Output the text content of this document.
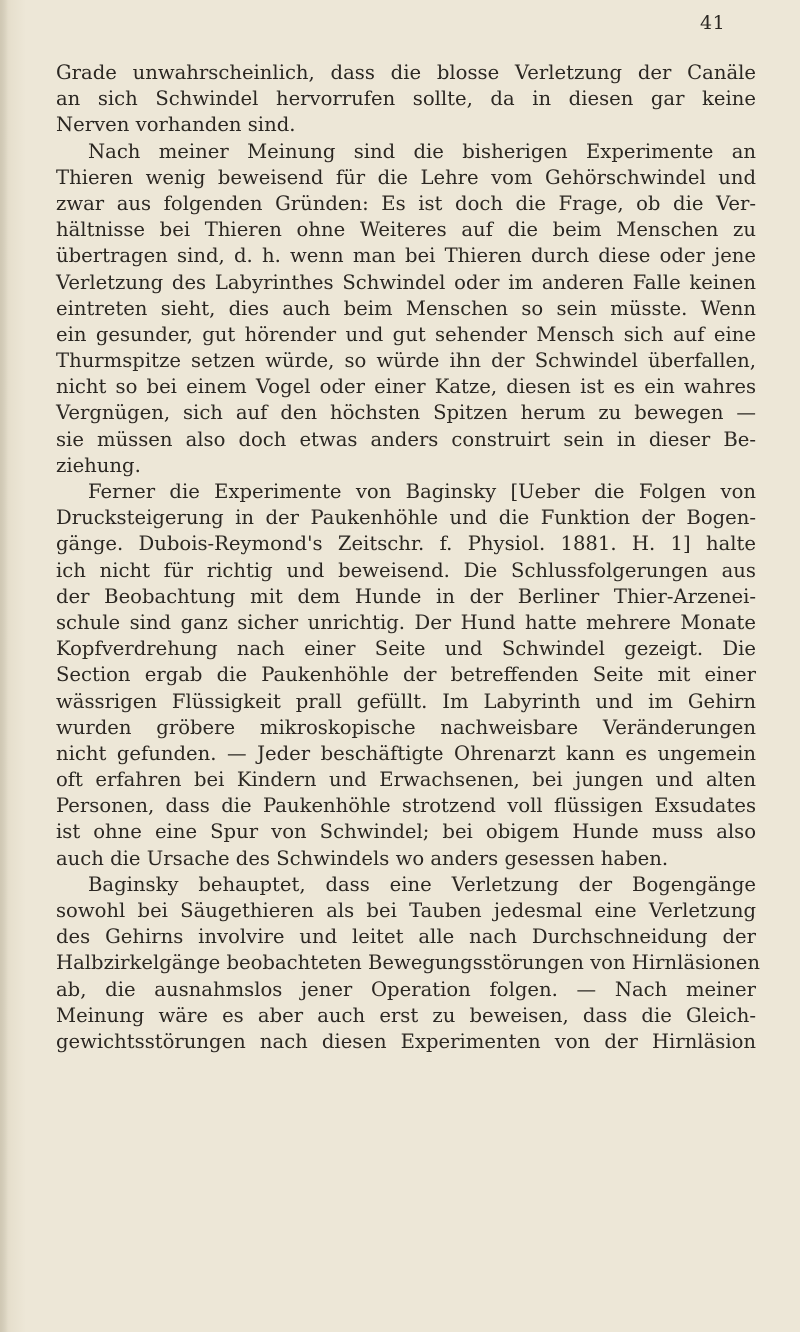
41
Grade unwahrscheinlich, dass die blosse Verletzung der Canäle
an sich Schwindel hervorrufen sollte, da in diesen gar keine
Nerven vorhanden sind.
Nach meiner Meinung sind die bisherigen Experimente an
Thieren wenig beweisend für die Lehre vom Gehörschwindel und
zwar aus folgenden Gründen: Es ist doch die Frage, ob die Ver-
hältnisse bei Thieren ohne Weiteres auf die beim Menschen zu
übertragen sind, d. h. wenn man bei Thieren durch diese oder jene
Verletzung des Labyrinthes Schwindel oder im anderen Falle keinen
eintreten sieht, dies auch beim Menschen so sein müsste. Wenn
ein gesunder, gut hörender und gut sehender Mensch sich auf eine
Thurmspitze setzen würde, so würde ihn der Schwindel überfallen,
nicht so bei einem Vogel oder einer Katze, diesen ist es ein wahres
Vergnügen, sich auf den höchsten Spitzen herum zu bewegen —
sie müssen also doch etwas anders construirt sein in dieser Be-
ziehung.
Ferner die Experimente von Baginsky [Ueber die Folgen von
Drucksteigerung in der Paukenhöhle und die Funktion der Bogen-
gänge. Dubois-Reymond's Zeitschr. f. Physiol. 1881. H. 1] halte
ich nicht für richtig und beweisend. Die Schlussfolgerungen aus
der Beobachtung mit dem Hunde in der Berliner Thier-Arzenei-
schule sind ganz sicher unrichtig. Der Hund hatte mehrere Monate
Kopfverdrehung nach einer Seite und Schwindel gezeigt. Die
Section ergab die Paukenhöhle der betreffenden Seite mit einer
wässrigen Flüssigkeit prall gefüllt. Im Labyrinth und im Gehirn
wurden gröbere mikroskopische nachweisbare Veränderungen
nicht gefunden. — Jeder beschäftigte Ohrenarzt kann es ungemein
oft erfahren bei Kindern und Erwachsenen, bei jungen und alten
Personen, dass die Paukenhöhle strotzend voll flüssigen Exsudates
ist ohne eine Spur von Schwindel; bei obigem Hunde muss also
auch die Ursache des Schwindels wo anders gesessen haben.
Baginsky behauptet, dass eine Verletzung der Bogengänge
sowohl bei Säugethieren als bei Tauben jedesmal eine Verletzung
des Gehirns involvire und leitet alle nach Durchschneidung der
Halbzirkelgänge beobachteten Bewegungsstörungen von Hirnläsionen
ab, die ausnahmslos jener Operation folgen. — Nach meiner
Meinung wäre es aber auch erst zu beweisen, dass die Gleich-
gewichtsstörungen nach diesen Experimenten von der Hirnläsion
